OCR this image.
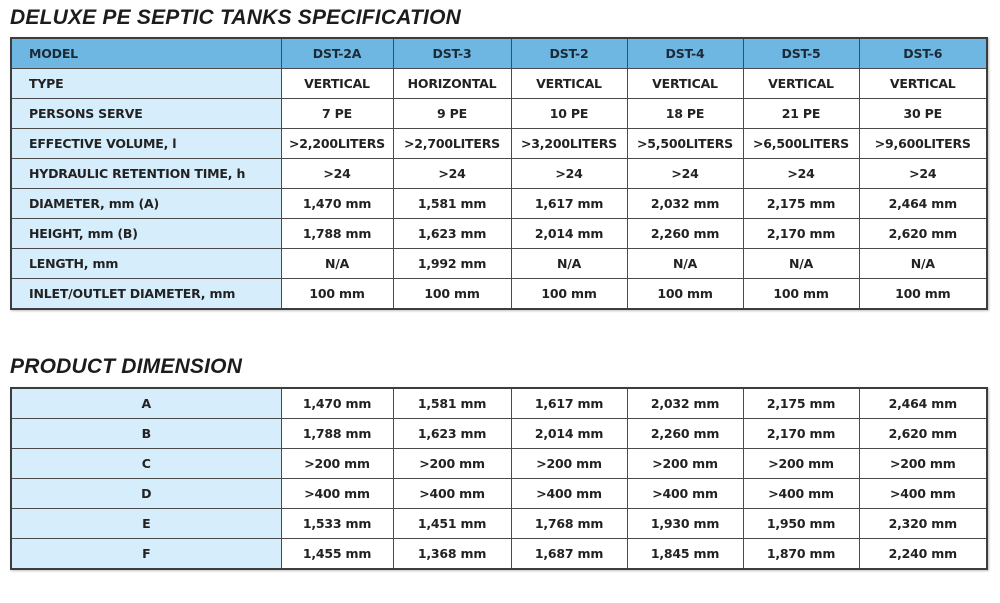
DELUXE PE SEPTIC TANKS SPECIFICATION
MODEL	DST-2A	DST-3	DST-2	DST-4	DST-5	DST-6
TYPE	VERTICAL	HORIZONTAL	VERTICAL	VERTICAL	VERTICAL	VERTICAL
PERSONS SERVE	7 PE	9 PE	10 PE	18 PE	21 PE	30 PE
EFFECTIVE VOLUME, l	>2,200LITERS	>2,700LITERS	>3,200LITERS	>5,500LITERS	>6,500LITERS	>9,600LITERS
HYDRAULIC RETENTION TIME, h	>24	>24	>24	>24	>24	>24
DIAMETER, mm (A)	1,470 mm	1,581 mm	1,617 mm	2,032 mm	2,175 mm	2,464 mm
HEIGHT, mm (B)	1,788 mm	1,623 mm	2,014 mm	2,260 mm	2,170 mm	2,620 mm
LENGTH, mm	N/A	1,992 mm	N/A	N/A	N/A	N/A
INLET/OUTLET DIAMETER, mm	100 mm	100 mm	100 mm	100 mm	100 mm	100 mm
PRODUCT DIMENSION
A	1,470 mm	1,581 mm	1,617 mm	2,032 mm	2,175 mm	2,464 mm
B	1,788 mm	1,623 mm	2,014 mm	2,260 mm	2,170 mm	2,620 mm
C	>200 mm	>200 mm	>200 mm	>200 mm	>200 mm	>200 mm
D	>400 mm	>400 mm	>400 mm	>400 mm	>400 mm	>400 mm
E	1,533 mm	1,451 mm	1,768 mm	1,930 mm	1,950 mm	2,320 mm
F	1,455 mm	1,368 mm	1,687 mm	1,845 mm	1,870 mm	2,240 mm
